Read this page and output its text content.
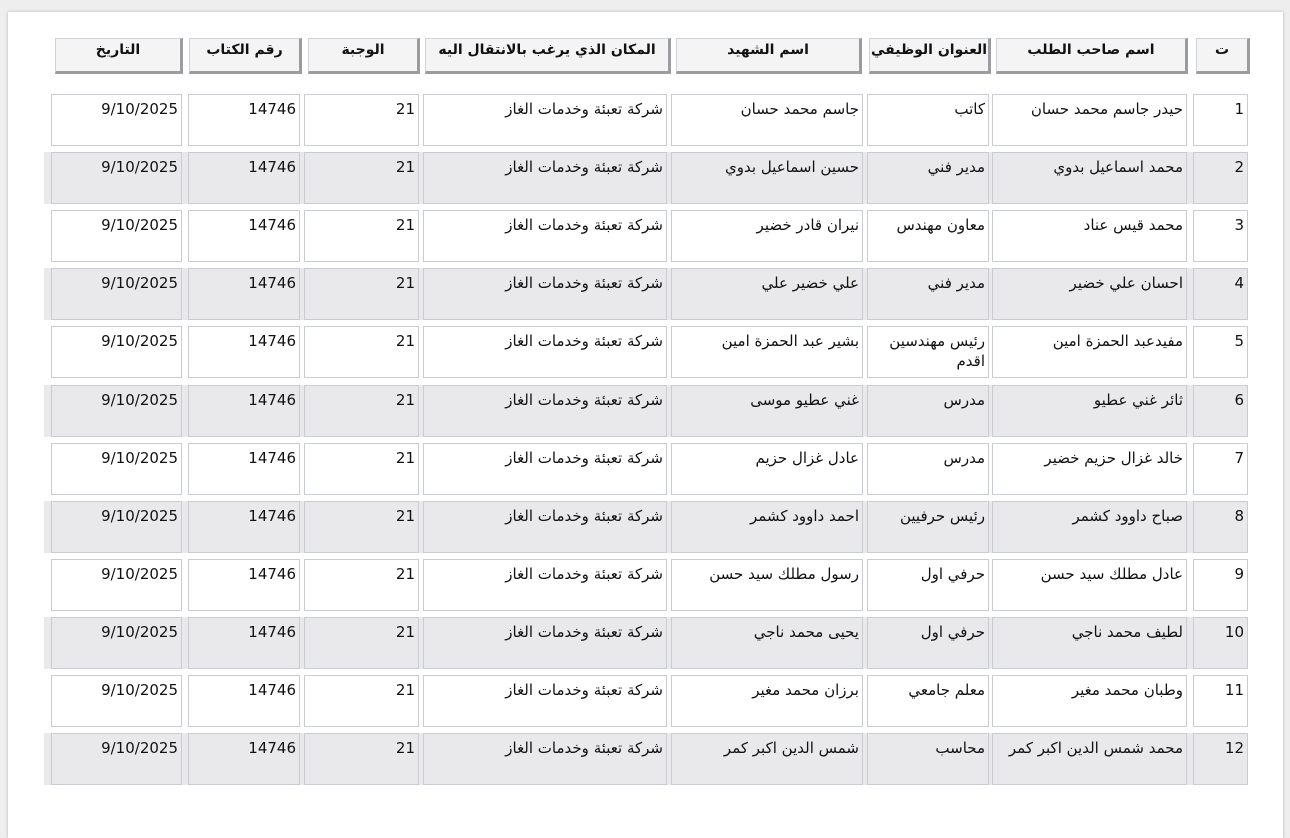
ت
اسم صاحب الطلب
العنوان الوظيفي
اسم الشهيد
المكان الذي يرغب بالانتقال اليه
الوجبة
رقم الكتاب
التاريخ
1
حيدر جاسم محمد حسان
كاتب
جاسم محمد حسان
شركة تعبئة وخدمات الغاز
21
14746
9/10/2025
2
محمد اسماعيل بدوي
مدير فني
حسين اسماعيل بدوي
شركة تعبئة وخدمات الغاز
21
14746
9/10/2025
3
محمد قيس عناد
معاون مهندس
نيران قادر خضير
شركة تعبئة وخدمات الغاز
21
14746
9/10/2025
4
احسان علي خضير
مدير فني
علي خضير علي
شركة تعبئة وخدمات الغاز
21
14746
9/10/2025
5
مفيدعبد الحمزة امين
رئيس مهندسين اقدم
بشير عبد الحمزة امين
شركة تعبئة وخدمات الغاز
21
14746
9/10/2025
6
ثائر غني عطيو
مدرس
غني عطيو موسى
شركة تعبئة وخدمات الغاز
21
14746
9/10/2025
7
خالد غزال حزيم خضير
مدرس
عادل غزال حزيم
شركة تعبئة وخدمات الغاز
21
14746
9/10/2025
8
صباح داوود كشمر
رئيس حرفيين
احمد داوود كشمر
شركة تعبئة وخدمات الغاز
21
14746
9/10/2025
9
عادل مطلك سيد حسن
حرفي اول
رسول مطلك سيد حسن
شركة تعبئة وخدمات الغاز
21
14746
9/10/2025
10
لطيف محمد ناجي
حرفي اول
يحيى محمد ناجي
شركة تعبئة وخدمات الغاز
21
14746
9/10/2025
11
وطبان محمد مغير
معلم جامعي
برزان محمد مغير
شركة تعبئة وخدمات الغاز
21
14746
9/10/2025
12
محمد شمس الدين اكبر كمر
محاسب
شمس الدين اكبر كمر
شركة تعبئة وخدمات الغاز
21
14746
9/10/2025
